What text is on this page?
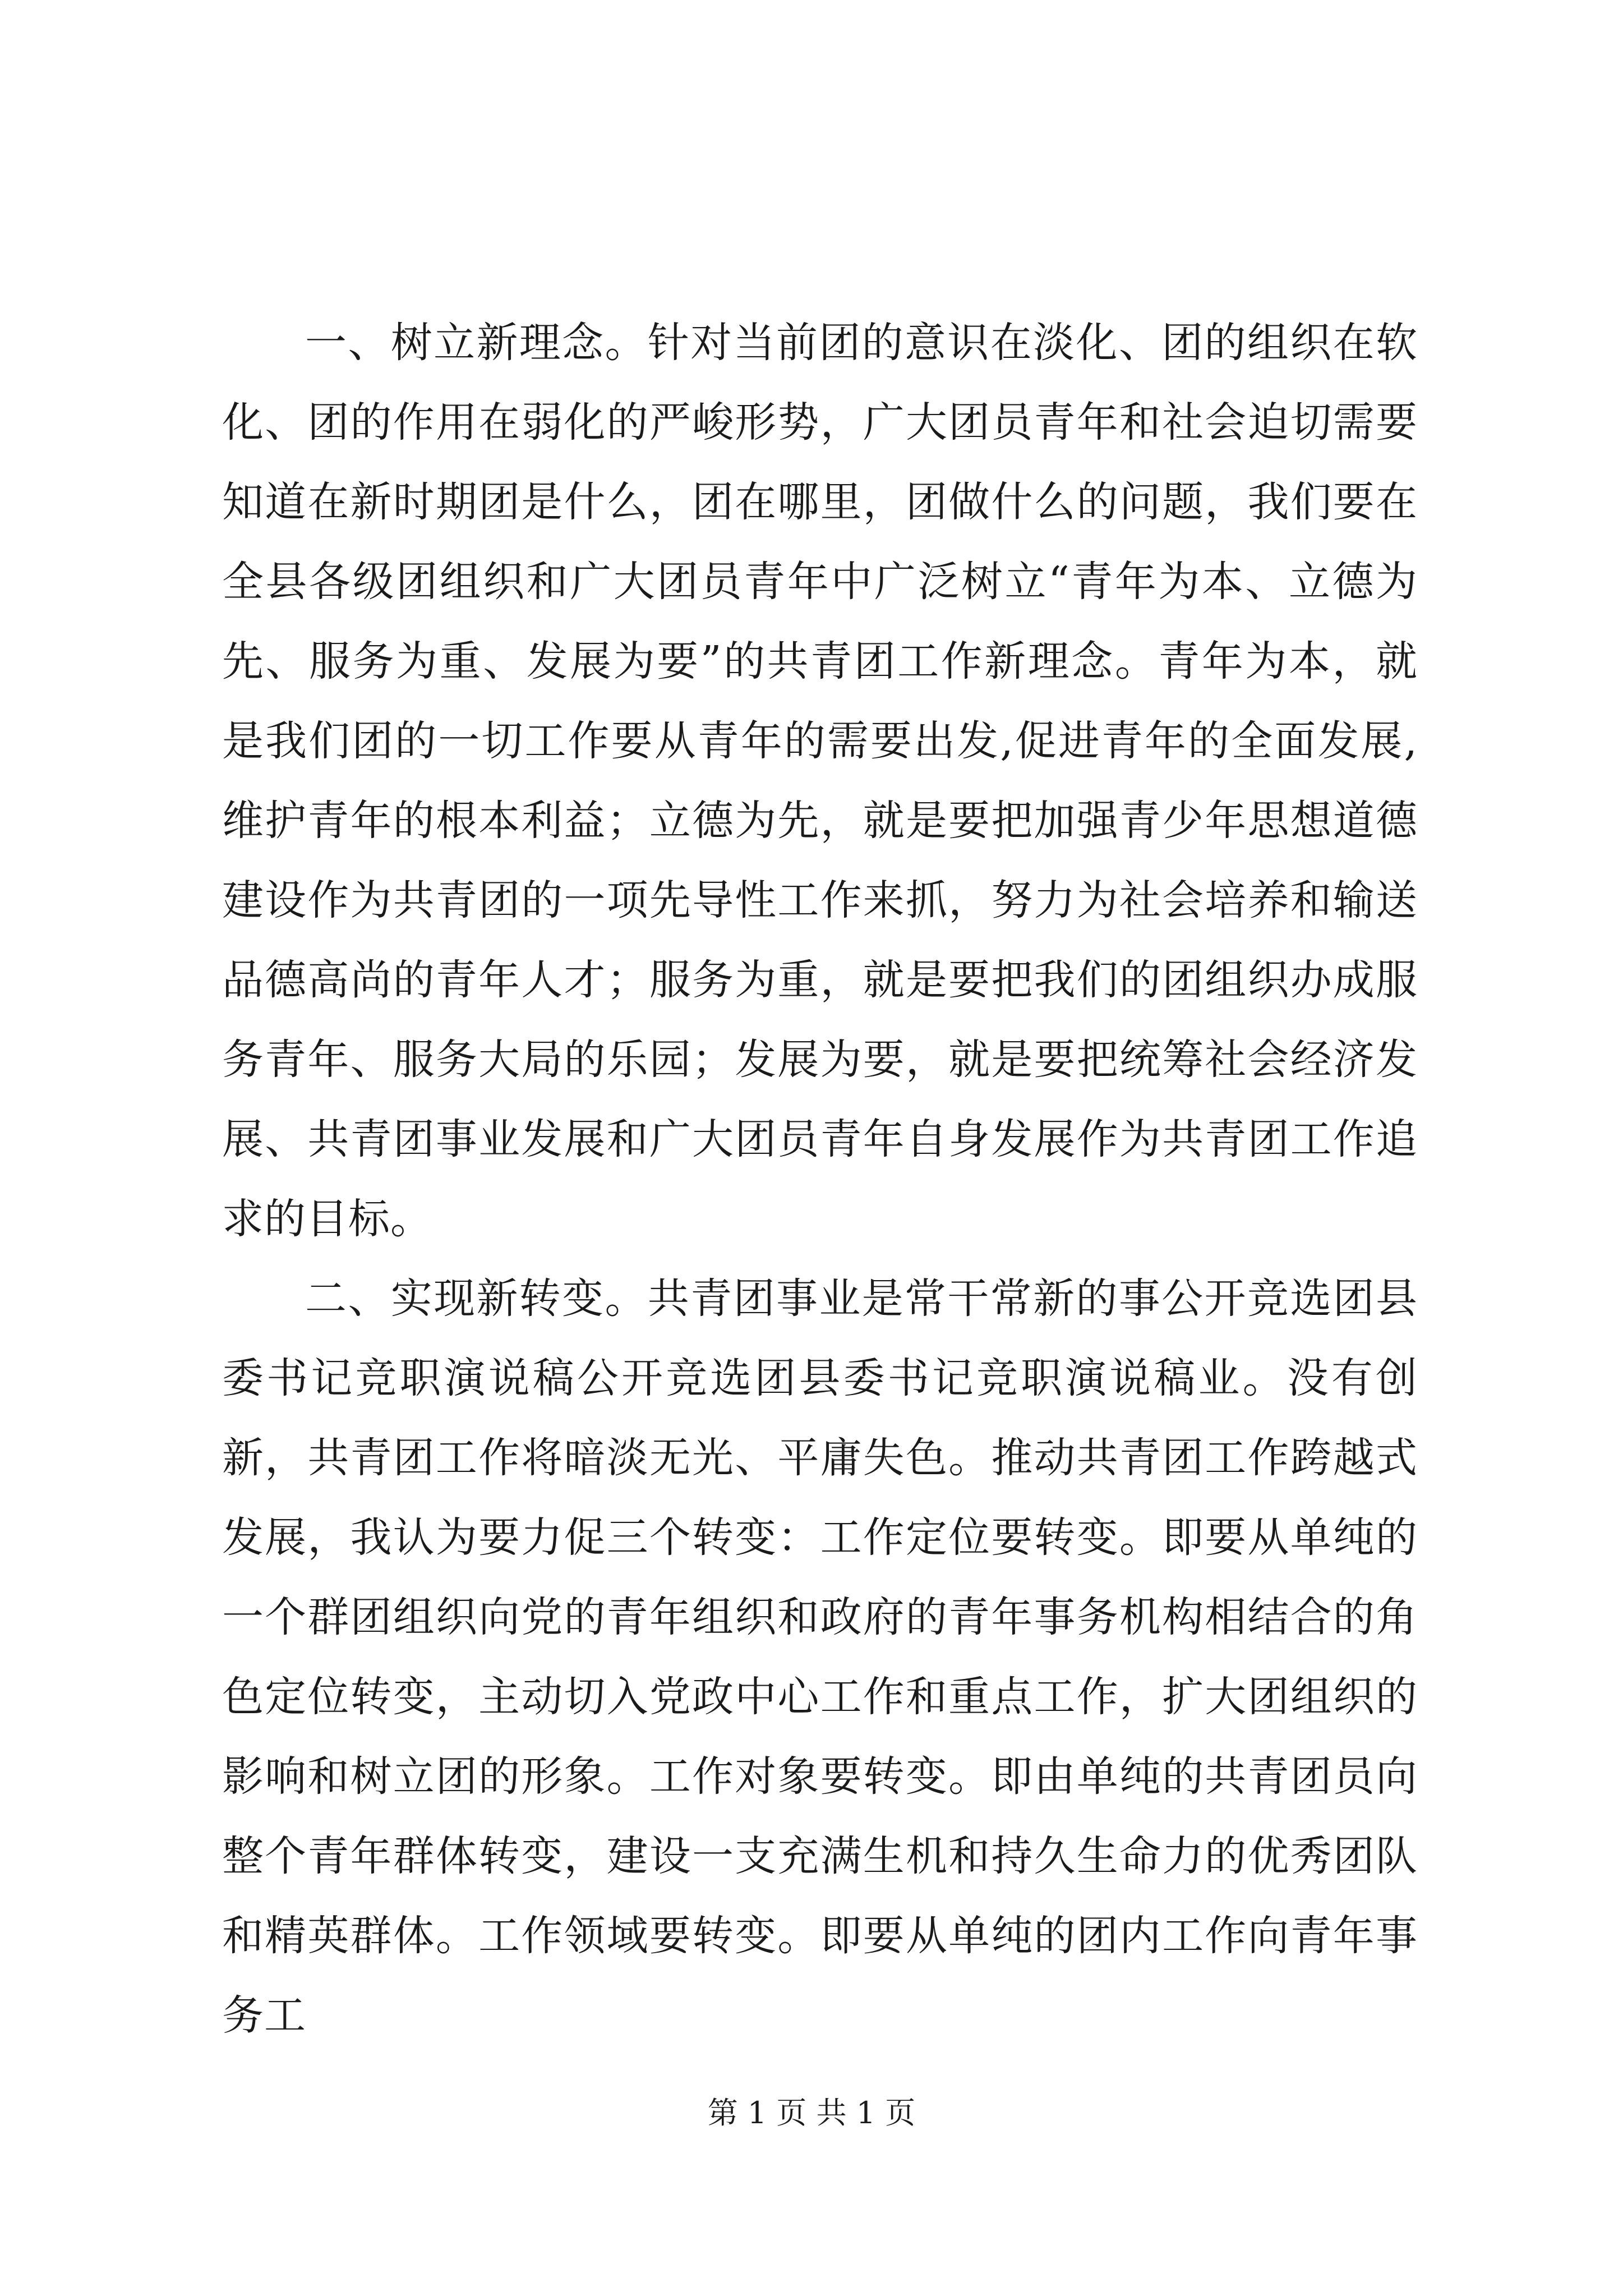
一、树立新理念。针对当前团的意识在淡化、团的组织在软化、团的作用在弱化的严峻形势，广大团员青年和社会迫切需要知道在新时期团是什么，团在哪里，团做什么的问题，我们要在全县各级团组织和广大团员青年中广泛树立“青年为本、立德为先、服务为重、发展为要”的共青团工作新理念。青年为本，就是我们团的一切工作要从青年的需要出发,促进青年的全面发展,维护青年的根本利益；立德为先，就是要把加强青少年思想道德建设作为共青团的一项先导性工作来抓，努力为社会培养和输送品德高尚的青年人才；服务为重，就是要把我们的团组织办成服务青年、服务大局的乐园；发展为要，就是要把统筹社会经济发展、共青团事业发展和广大团员青年自身发展作为共青团工作追求的目标。

二、实现新转变。共青团事业是常干常新的事公开竞选团县委书记竞职演说稿公开竞选团县委书记竞职演说稿业。没有创新，共青团工作将暗淡无光、平庸失色。推动共青团工作跨越式发展，我认为要力促三个转变：工作定位要转变。即要从单纯的一个群团组织向党的青年组织和政府的青年事务机构相结合的角色定位转变，主动切入党政中心工作和重点工作，扩大团组织的影响和树立团的形象。工作对象要转变。即由单纯的共青团员向整个青年群体转变，建设一支充满生机和持久生命力的优秀团队和精英群体。工作领域要转变。即要从单纯的团内工作向青年事务工

第 1 页 共 1 页
